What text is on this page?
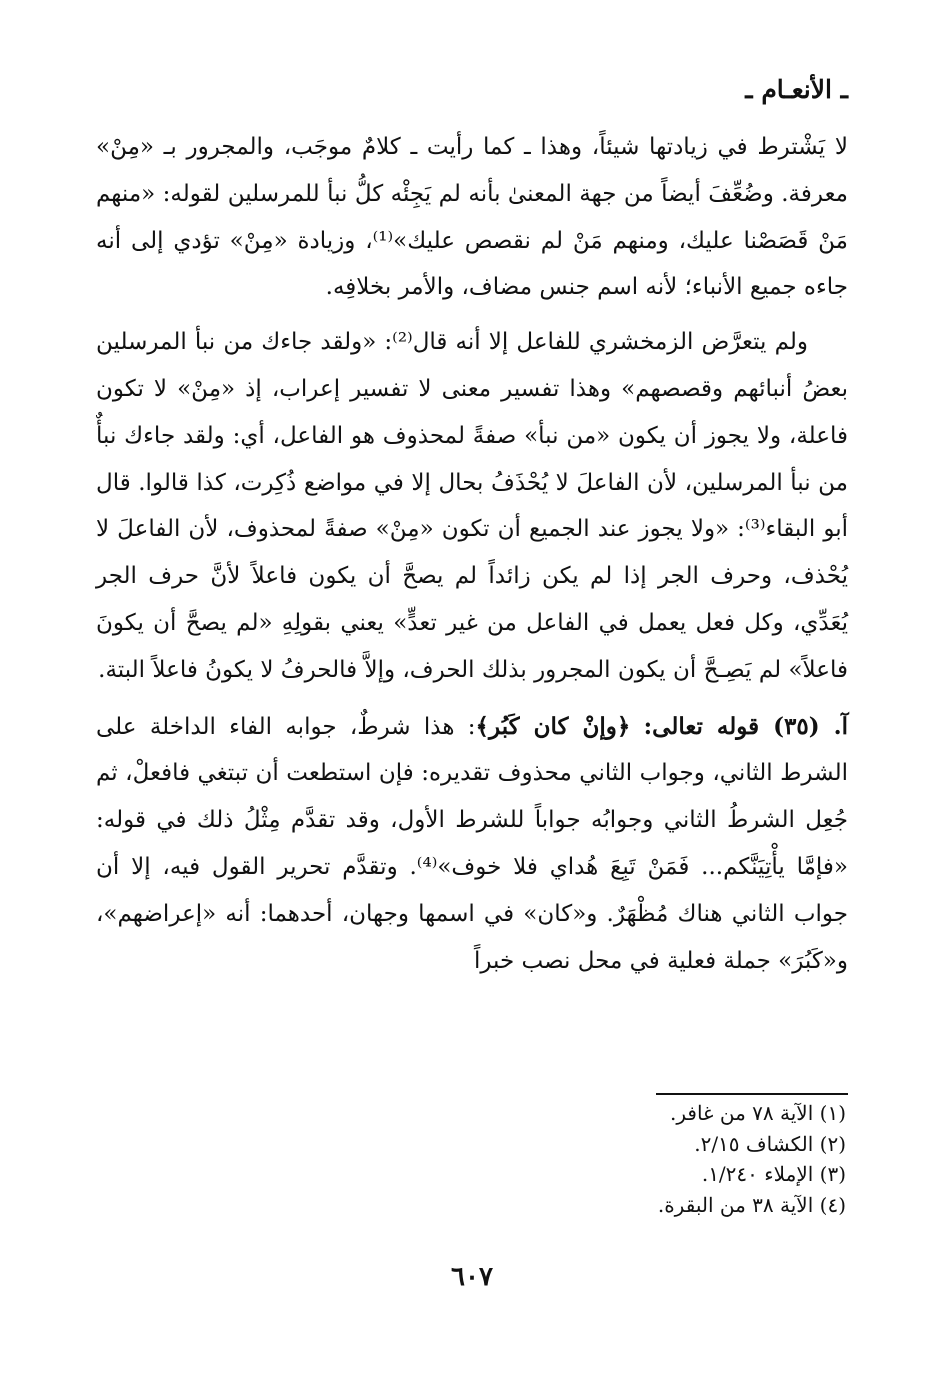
ـ الأنعـام ـ

لا يَشْترط في زيادتها شيئاً، وهذا ـ كما رأيت ـ كلامٌ موجَب، والمجرور بـ «مِنْ» معرفة. وضُعِّفَ أيضاً من جهة المعنىٰ بأنه لم يَجِئْه كلُّ نبأ للمرسلين لقوله: «منهم مَنْ قَصَصْنا عليك، ومنهم مَنْ لم نقصص عليك»⁽¹⁾، وزيادة «مِنْ» تؤدي إلى أنه جاءه جميع الأنباء؛ لأنه اسم جنس مضاف، والأمر بخلافِه.

ولم يتعرَّض الزمخشري للفاعل إلا أنه قال⁽²⁾: «ولقد جاءك من نبأ المرسلين بعضُ أنبائهم وقصصهم» وهذا تفسير معنى لا تفسير إعراب، إذ «مِنْ» لا تكون فاعلة، ولا يجوز أن يكون «من نبأ» صفةً لمحذوف هو الفاعل، أي: ولقد جاءك نبأٌ من نبأ المرسلين، لأن الفاعلَ لا يُحْذَفُ بحال إلا في مواضع ذُكِرت، كذا قالوا. قال أبو البقاء⁽³⁾: «ولا يجوز عند الجميع أن تكون «مِنْ» صفةً لمحذوف، لأن الفاعلَ لا يُحْذف، وحرف الجر إذا لم يكن زائداً لم يصحَّ أن يكون فاعلاً لأنَّ حرف الجر يُعَدِّي، وكل فعل يعمل في الفاعل من غير تعدٍّ» يعني بقولِهِ «لم يصحَّ أن يكونَ فاعلاً» لم يَصِـحَّ أن يكون المجرور بذلك الحرف، وإلاَّ فالحرفُ لا يكونُ فاعلاً البتة.

آ. (٣٥) قوله تعالى: ﴿وإنْ كان كَبُر﴾: هذا شرطٌ، جوابه الفاء الداخلة على الشرط الثاني، وجواب الثاني محذوف تقديره: فإن استطعت أن تبتغي فافعلْ، ثم جُعِل الشرطُ الثاني وجوابُه جواباً للشرط الأول، وقد تقدَّم مِثْلُ ذلك في قوله: «فإمَّا يأْتِيَنَّكم... فَمَنْ تَبِعَ هُداي فلا خوف»⁽⁴⁾. وتقدَّم تحرير القول فيه، إلا أن جواب الثاني هناك مُظْهَرٌ. و«كان» في اسمها وجهان، أحدهما: أنه «إعراضهم»، و«كَبُرَ» جملة فعلية في محل نصب خبراً

(١) الآية ٧٨ من غافر.
(٢) الكشاف ٢/١٥.
(٣) الإملاء ١/٢٤٠.
(٤) الآية ٣٨ من البقرة.
٦٠٧
